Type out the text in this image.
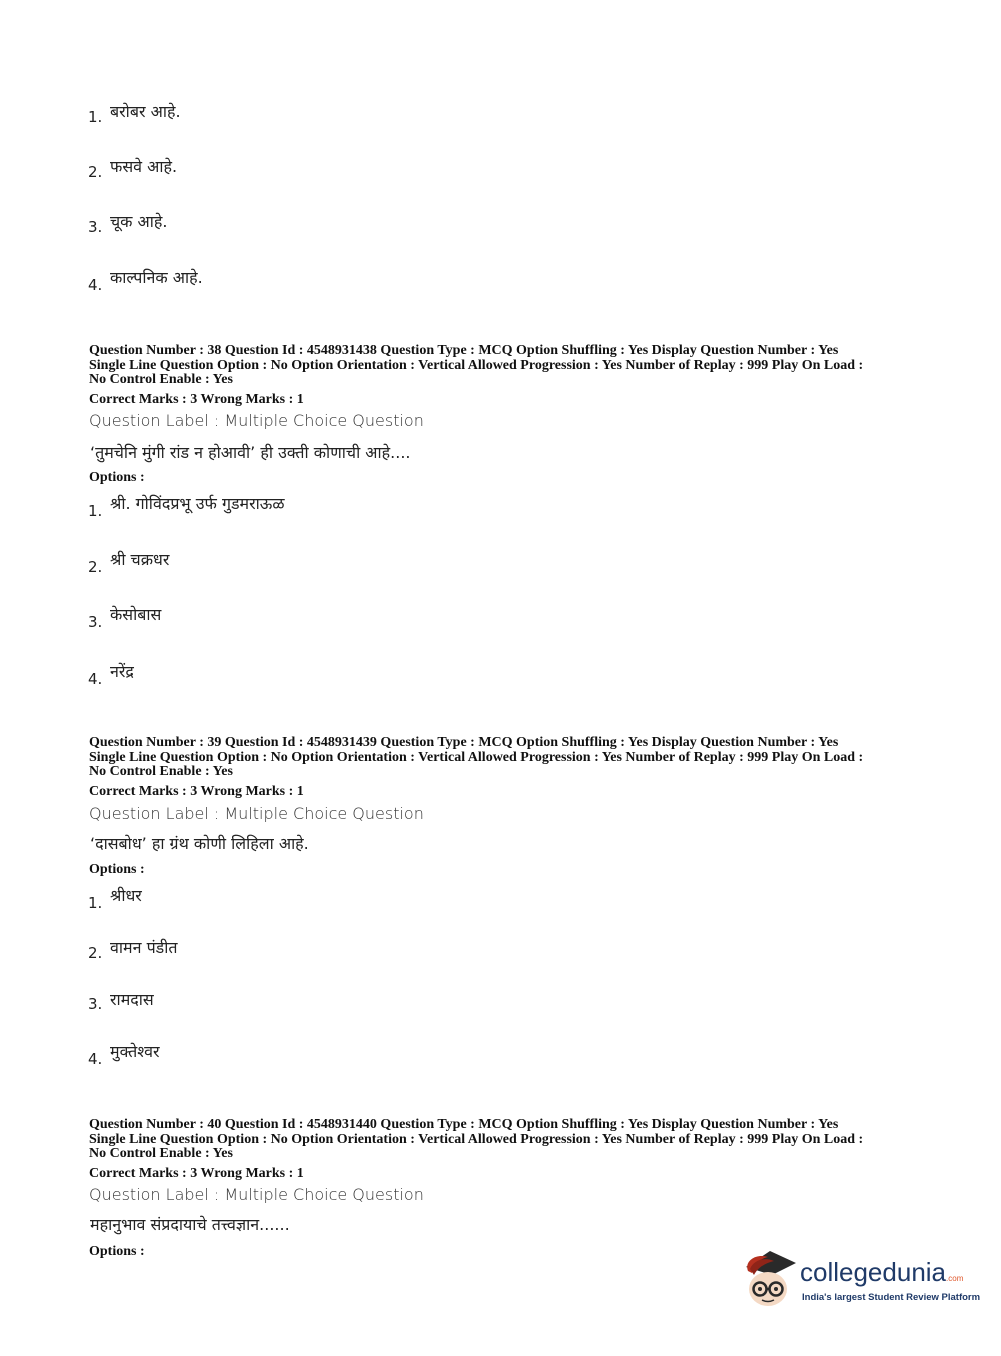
1. बरोबर आहे.
2. फसवे आहे.
3. चूक आहे.
4. काल्पनिक आहे.
Question Number : 38 Question Id : 4548931438 Question Type : MCQ Option Shuffling : Yes Display Question Number : Yes
Single Line Question Option : No Option Orientation : Vertical Allowed Progression : Yes Number of Replay : 999 Play On Load :
No Control Enable : Yes
Correct Marks : 3 Wrong Marks : 1
Question Label : Multiple Choice Question
‘तुमचेनि मुंगी रांड न होआवी’ ही उक्ती कोणाची आहे....
Options :
1. श्री. गोविंदप्रभू उर्फ गुडमराऊळ
2. श्री चक्रधर
3. केसोबास
4. नरेंद्र
Question Number : 39 Question Id : 4548931439 Question Type : MCQ Option Shuffling : Yes Display Question Number : Yes
Single Line Question Option : No Option Orientation : Vertical Allowed Progression : Yes Number of Replay : 999 Play On Load :
No Control Enable : Yes
Correct Marks : 3 Wrong Marks : 1
Question Label : Multiple Choice Question
‘दासबोध’ हा ग्रंथ कोणी लिहिला आहे.
Options :
1. श्रीधर
2. वामन पंडीत
3. रामदास
4. मुक्तेश्वर
Question Number : 40 Question Id : 4548931440 Question Type : MCQ Option Shuffling : Yes Display Question Number : Yes
Single Line Question Option : No Option Orientation : Vertical Allowed Progression : Yes Number of Replay : 999 Play On Load :
No Control Enable : Yes
Correct Marks : 3 Wrong Marks : 1
Question Label : Multiple Choice Question
महानुभाव संप्रदायाचे तत्त्वज्ञान......
Options :
collegedunia.com
India's largest Student Review Platform
